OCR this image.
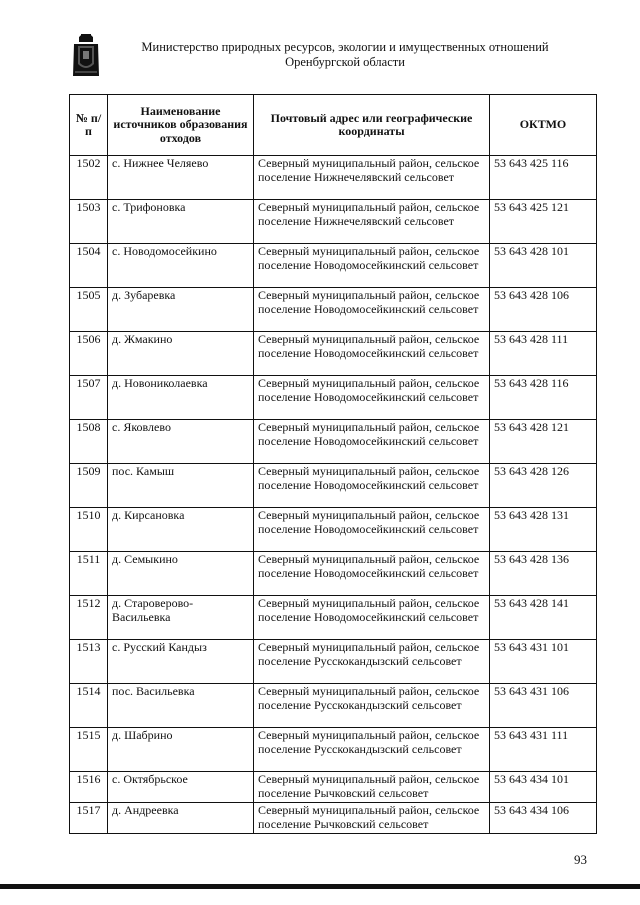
Министерство природных ресурсов, экологии и имущественных отношений
Оренбургской области
№ п/п	Наименование источников образования отходов	Почтовый адрес или географические координаты	ОКТМО
1502	с. Нижнее Челяево	Северный муниципальный район, сельское поселение Нижнечелявский сельсовет	53 643 425 116
1503	с. Трифоновка	Северный муниципальный район, сельское поселение Нижнечелявский сельсовет	53 643 425 121
1504	с. Новодомосейкино	Северный муниципальный район, сельское поселение Новодомосейкинский сельсовет	53 643 428 101
1505	д. Зубаревка	Северный муниципальный район, сельское поселение Новодомосейкинский сельсовет	53 643 428 106
1506	д. Жмакино	Северный муниципальный район, сельское поселение Новодомосейкинский сельсовет	53 643 428 111
1507	д. Новониколаевка	Северный муниципальный район, сельское поселение Новодомосейкинский сельсовет	53 643 428 116
1508	с. Яковлево	Северный муниципальный район, сельское поселение Новодомосейкинский сельсовет	53 643 428 121
1509	пос. Камыш	Северный муниципальный район, сельское поселение Новодомосейкинский сельсовет	53 643 428 126
1510	д. Кирсановка	Северный муниципальный район, сельское поселение Новодомосейкинский сельсовет	53 643 428 131
1511	д. Семыкино	Северный муниципальный район, сельское поселение Новодомосейкинский сельсовет	53 643 428 136
1512	д. Староверово-Васильевка	Северный муниципальный район, сельское поселение Новодомосейкинский сельсовет	53 643 428 141
1513	с. Русский Кандыз	Северный муниципальный район, сельское поселение Русскокандызский сельсовет	53 643 431 101
1514	пос. Васильевка	Северный муниципальный район, сельское поселение Русскокандызский сельсовет	53 643 431 106
1515	д. Шабрино	Северный муниципальный район, сельское поселение Русскокандызский сельсовет	53 643 431 111
1516	с. Октябрьское	Северный муниципальный район, сельское поселение Рычковский сельсовет	53 643 434 101
1517	д. Андреевка	Северный муниципальный район, сельское поселение Рычковский сельсовет	53 643 434 106
93
